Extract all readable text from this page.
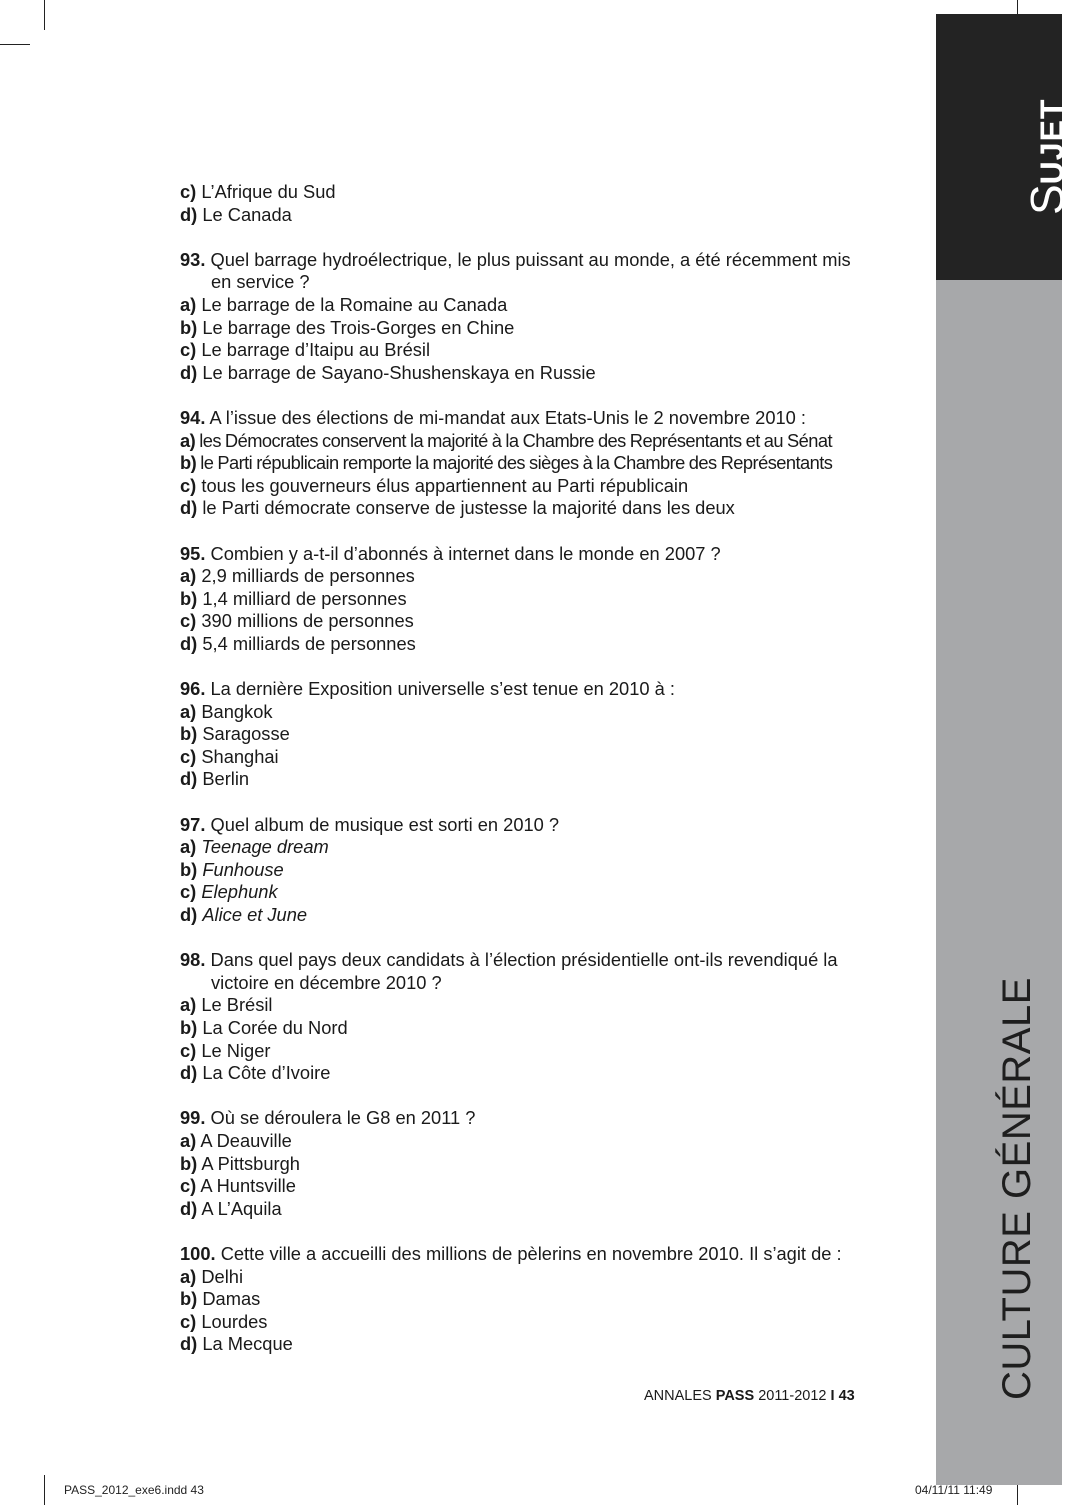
SUJET
CULTURE GÉNÉRALE
c) L’Afrique du Sud
d) Le Canada
93. Quel barrage hydroélectrique, le plus puissant au monde, a été récemment mis en service ?
a) Le barrage de la Romaine au Canada
b) Le barrage des Trois-Gorges en Chine
c) Le barrage d’Itaipu au Brésil
d) Le barrage de Sayano-Shushenskaya en Russie
94. A l’issue des élections de mi-mandat aux Etats-Unis le 2 novembre 2010 :
a) les Démocrates conservent la majorité à la Chambre des Représentants et au Sénat
b) le Parti républicain remporte la majorité des sièges à la Chambre des Représentants
c) tous les gouverneurs élus appartiennent au Parti républicain
d) le Parti démocrate conserve de justesse la majorité dans les deux
95. Combien y a-t-il d’abonnés à internet dans le monde en 2007 ?
a) 2,9 milliards de personnes
b) 1,4 milliard de personnes
c) 390 millions de personnes
d) 5,4 milliards de personnes
96. La dernière Exposition universelle s’est tenue en 2010 à :
a) Bangkok
b) Saragosse
c) Shanghai
d) Berlin
97. Quel album de musique est sorti en 2010 ?
a) Teenage dream
b) Funhouse
c) Elephunk
d) Alice et June
98. Dans quel pays deux candidats à l’élection présidentielle ont-ils revendiqué la victoire en décembre 2010 ?
a) Le Brésil
b) La Corée du Nord
c) Le Niger
d) La Côte d’Ivoire
99. Où se déroulera le G8 en 2011 ?
a) A Deauville
b) A Pittsburgh
c) A Huntsville
d) A L’Aquila
100. Cette ville a accueilli des millions de pèlerins en novembre 2010. Il s’agit de :
a) Delhi
b) Damas
c) Lourdes
d) La Mecque
ANNALES PASS 2011-2012 I 43
PASS_2012_exe6.indd 43	04/11/11 11:49
